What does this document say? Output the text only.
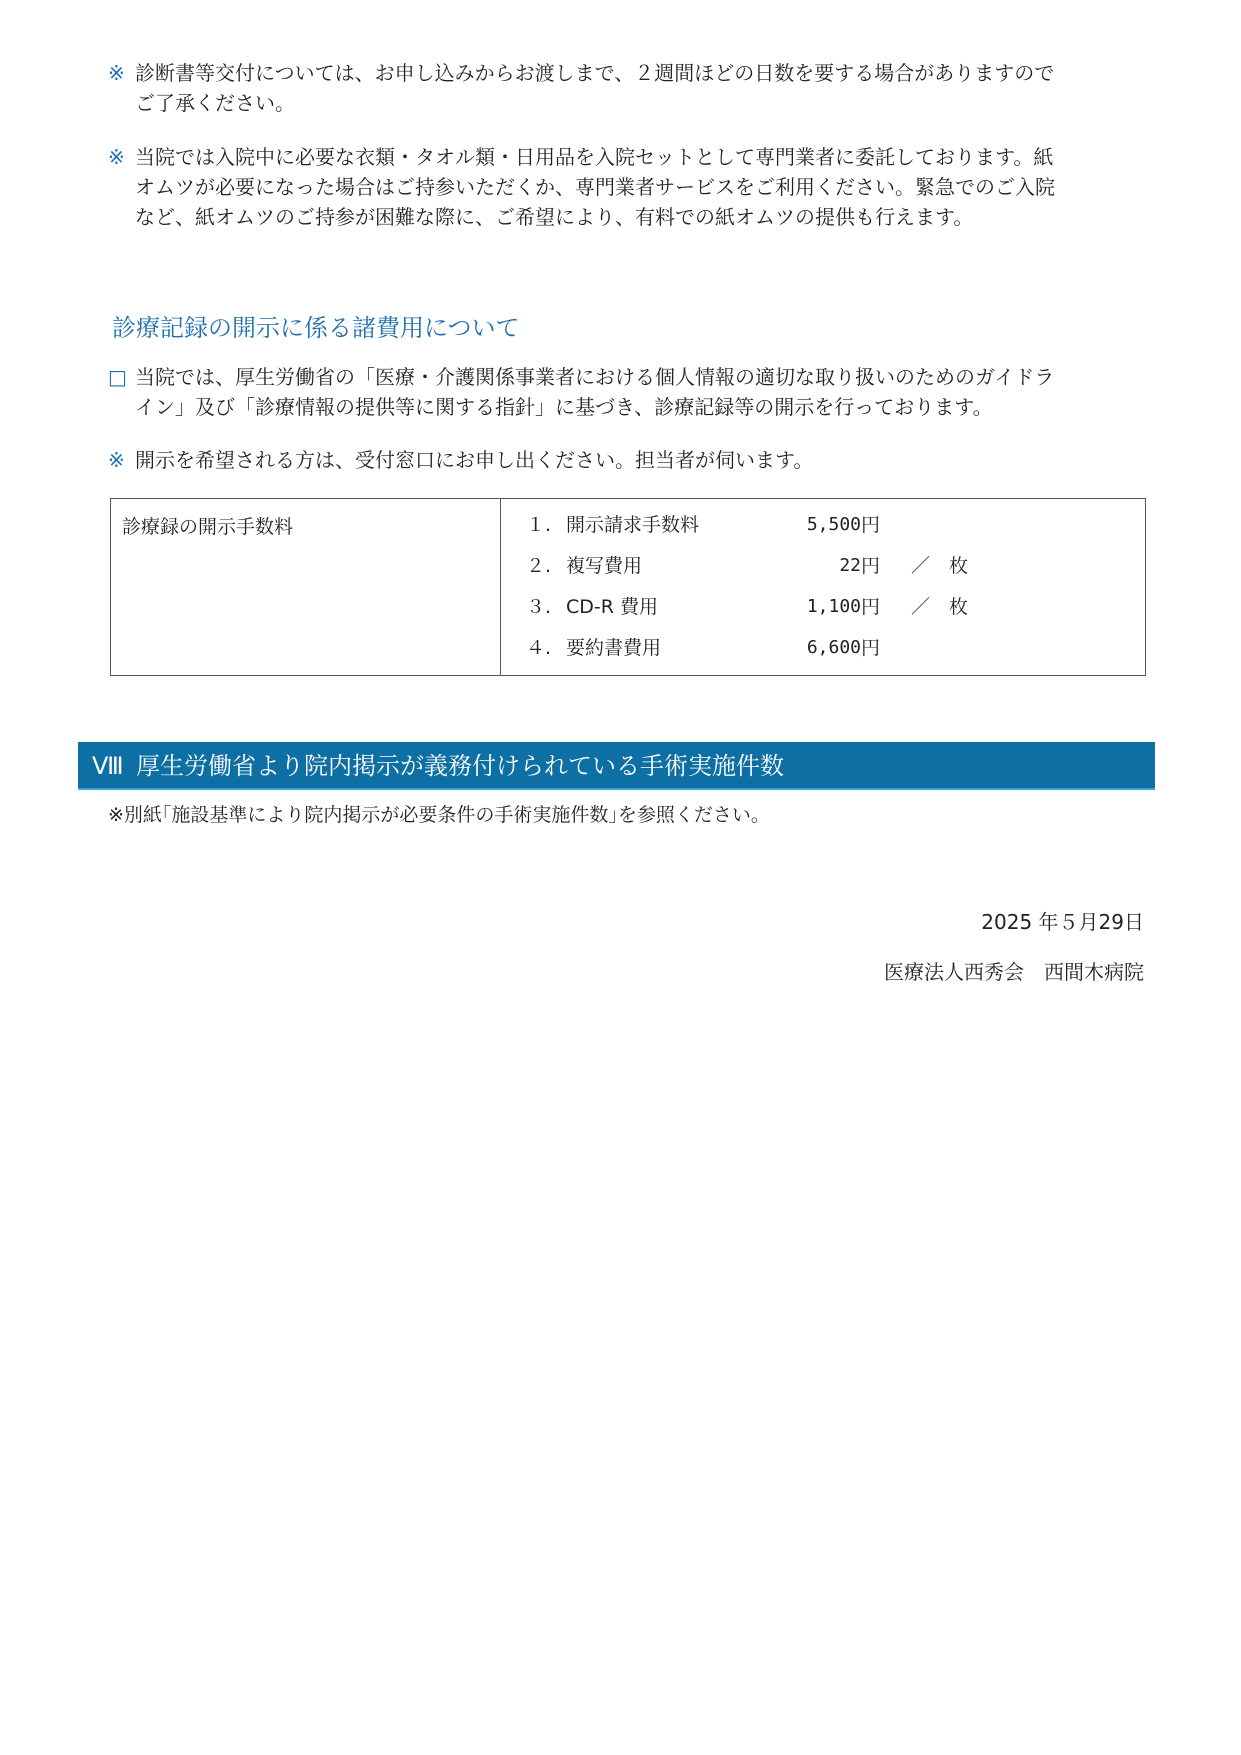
※ 診断書等交付については、お申し込みからお渡しまで、２週間ほどの日数を要する場合がありますので
ご了承ください。
※ 当院では入院中に必要な衣類・タオル類・日用品を入院セットとして専門業者に委託しております。紙
オムツが必要になった場合はご持参いただくか、専門業者サービスをご利用ください。緊急でのご入院
など、紙オムツのご持参が困難な際に、ご希望により、有料での紙オムツの提供も行えます。
診療記録の開示に係る諸費用について
□ 当院では、厚生労働省の「医療・介護関係事業者における個人情報の適切な取り扱いのためのガイドラ
イン」及び「診療情報の提供等に関する指針」に基づき、診療記録等の開示を行っております。
※ 開示を希望される方は、受付窓口にお申し出ください。担当者が伺います。
診療録の開示手数料	１. 開示請求手数料	5,500 円
２. 複写費用	22 円 ／　枚
３. CD-R 費用	1,100 円 ／　枚
４. 要約書費用	6,600 円
Ⅷ 厚生労働省より院内掲示が義務付けられている手術実施件数
※別紙｢施設基準により院内掲示が必要条件の手術実施件数｣を参照ください。
2025 年５月29日
医療法人西秀会　西間木病院
